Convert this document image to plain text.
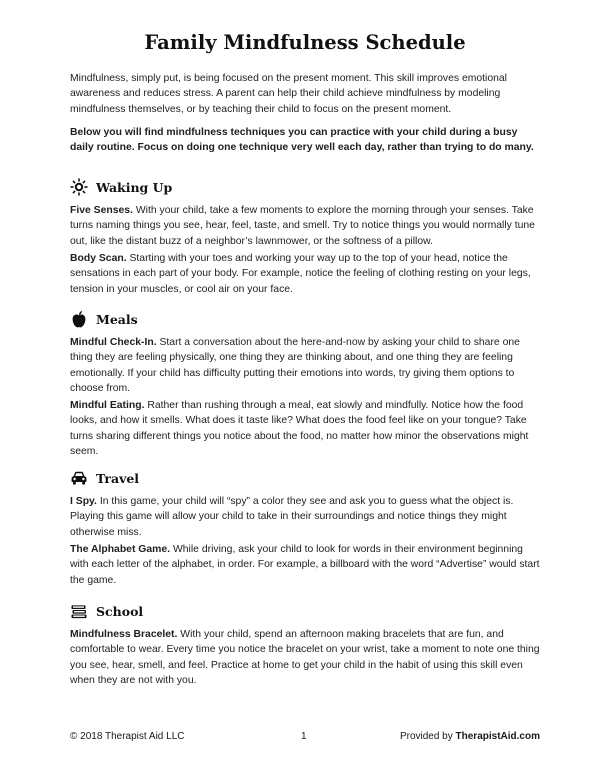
Family Mindfulness Schedule

Mindfulness, simply put, is being focused on the present moment. This skill improves emotional awareness and reduces stress. A parent can help their child achieve mindfulness by modeling mindfulness themselves, or by teaching their child to focus on the present moment.

Below you will find mindfulness techniques you can practice with your child during a busy daily routine. Focus on doing one technique very well each day, rather than trying to do many.

Waking Up

Five Senses. With your child, take a few moments to explore the morning through your senses. Take turns naming things you see, hear, feel, taste, and smell. Try to notice things you would normally tune out, like the distant buzz of a neighbor’s lawnmower, or the softness of a pillow.

Body Scan. Starting with your toes and working your way up to the top of your head, notice the sensations in each part of your body. For example, notice the feeling of clothing resting on your legs, tension in your muscles, or cool air on your face.

Meals

Mindful Check-In. Start a conversation about the here-and-now by asking your child to share one thing they are feeling physically, one thing they are thinking about, and one thing they are feeling emotionally. If your child has difficulty putting their emotions into words, try giving them options to choose from.

Mindful Eating. Rather than rushing through a meal, eat slowly and mindfully. Notice how the food looks, and how it smells. What does it taste like? What does the food feel like on your tongue? Take turns sharing different things you notice about the food, no matter how minor the observations might seem.

Travel

I Spy. In this game, your child will “spy” a color they see and ask you to guess what the object is. Playing this game will allow your child to take in their surroundings and notice things they might otherwise miss.

The Alphabet Game. While driving, ask your child to look for words in their environment beginning with each letter of the alphabet, in order. For example, a billboard with the word “Advertise” would start the game.

School

Mindfulness Bracelet. With your child, spend an afternoon making bracelets that are fun, and comfortable to wear. Every time you notice the bracelet on your wrist, take a moment to note one thing you see, hear, smell, and feel. Practice at home to get your child in the habit of using this skill even when they are not with you.

© 2018 Therapist Aid LLC	1	Provided by TherapistAid.com
